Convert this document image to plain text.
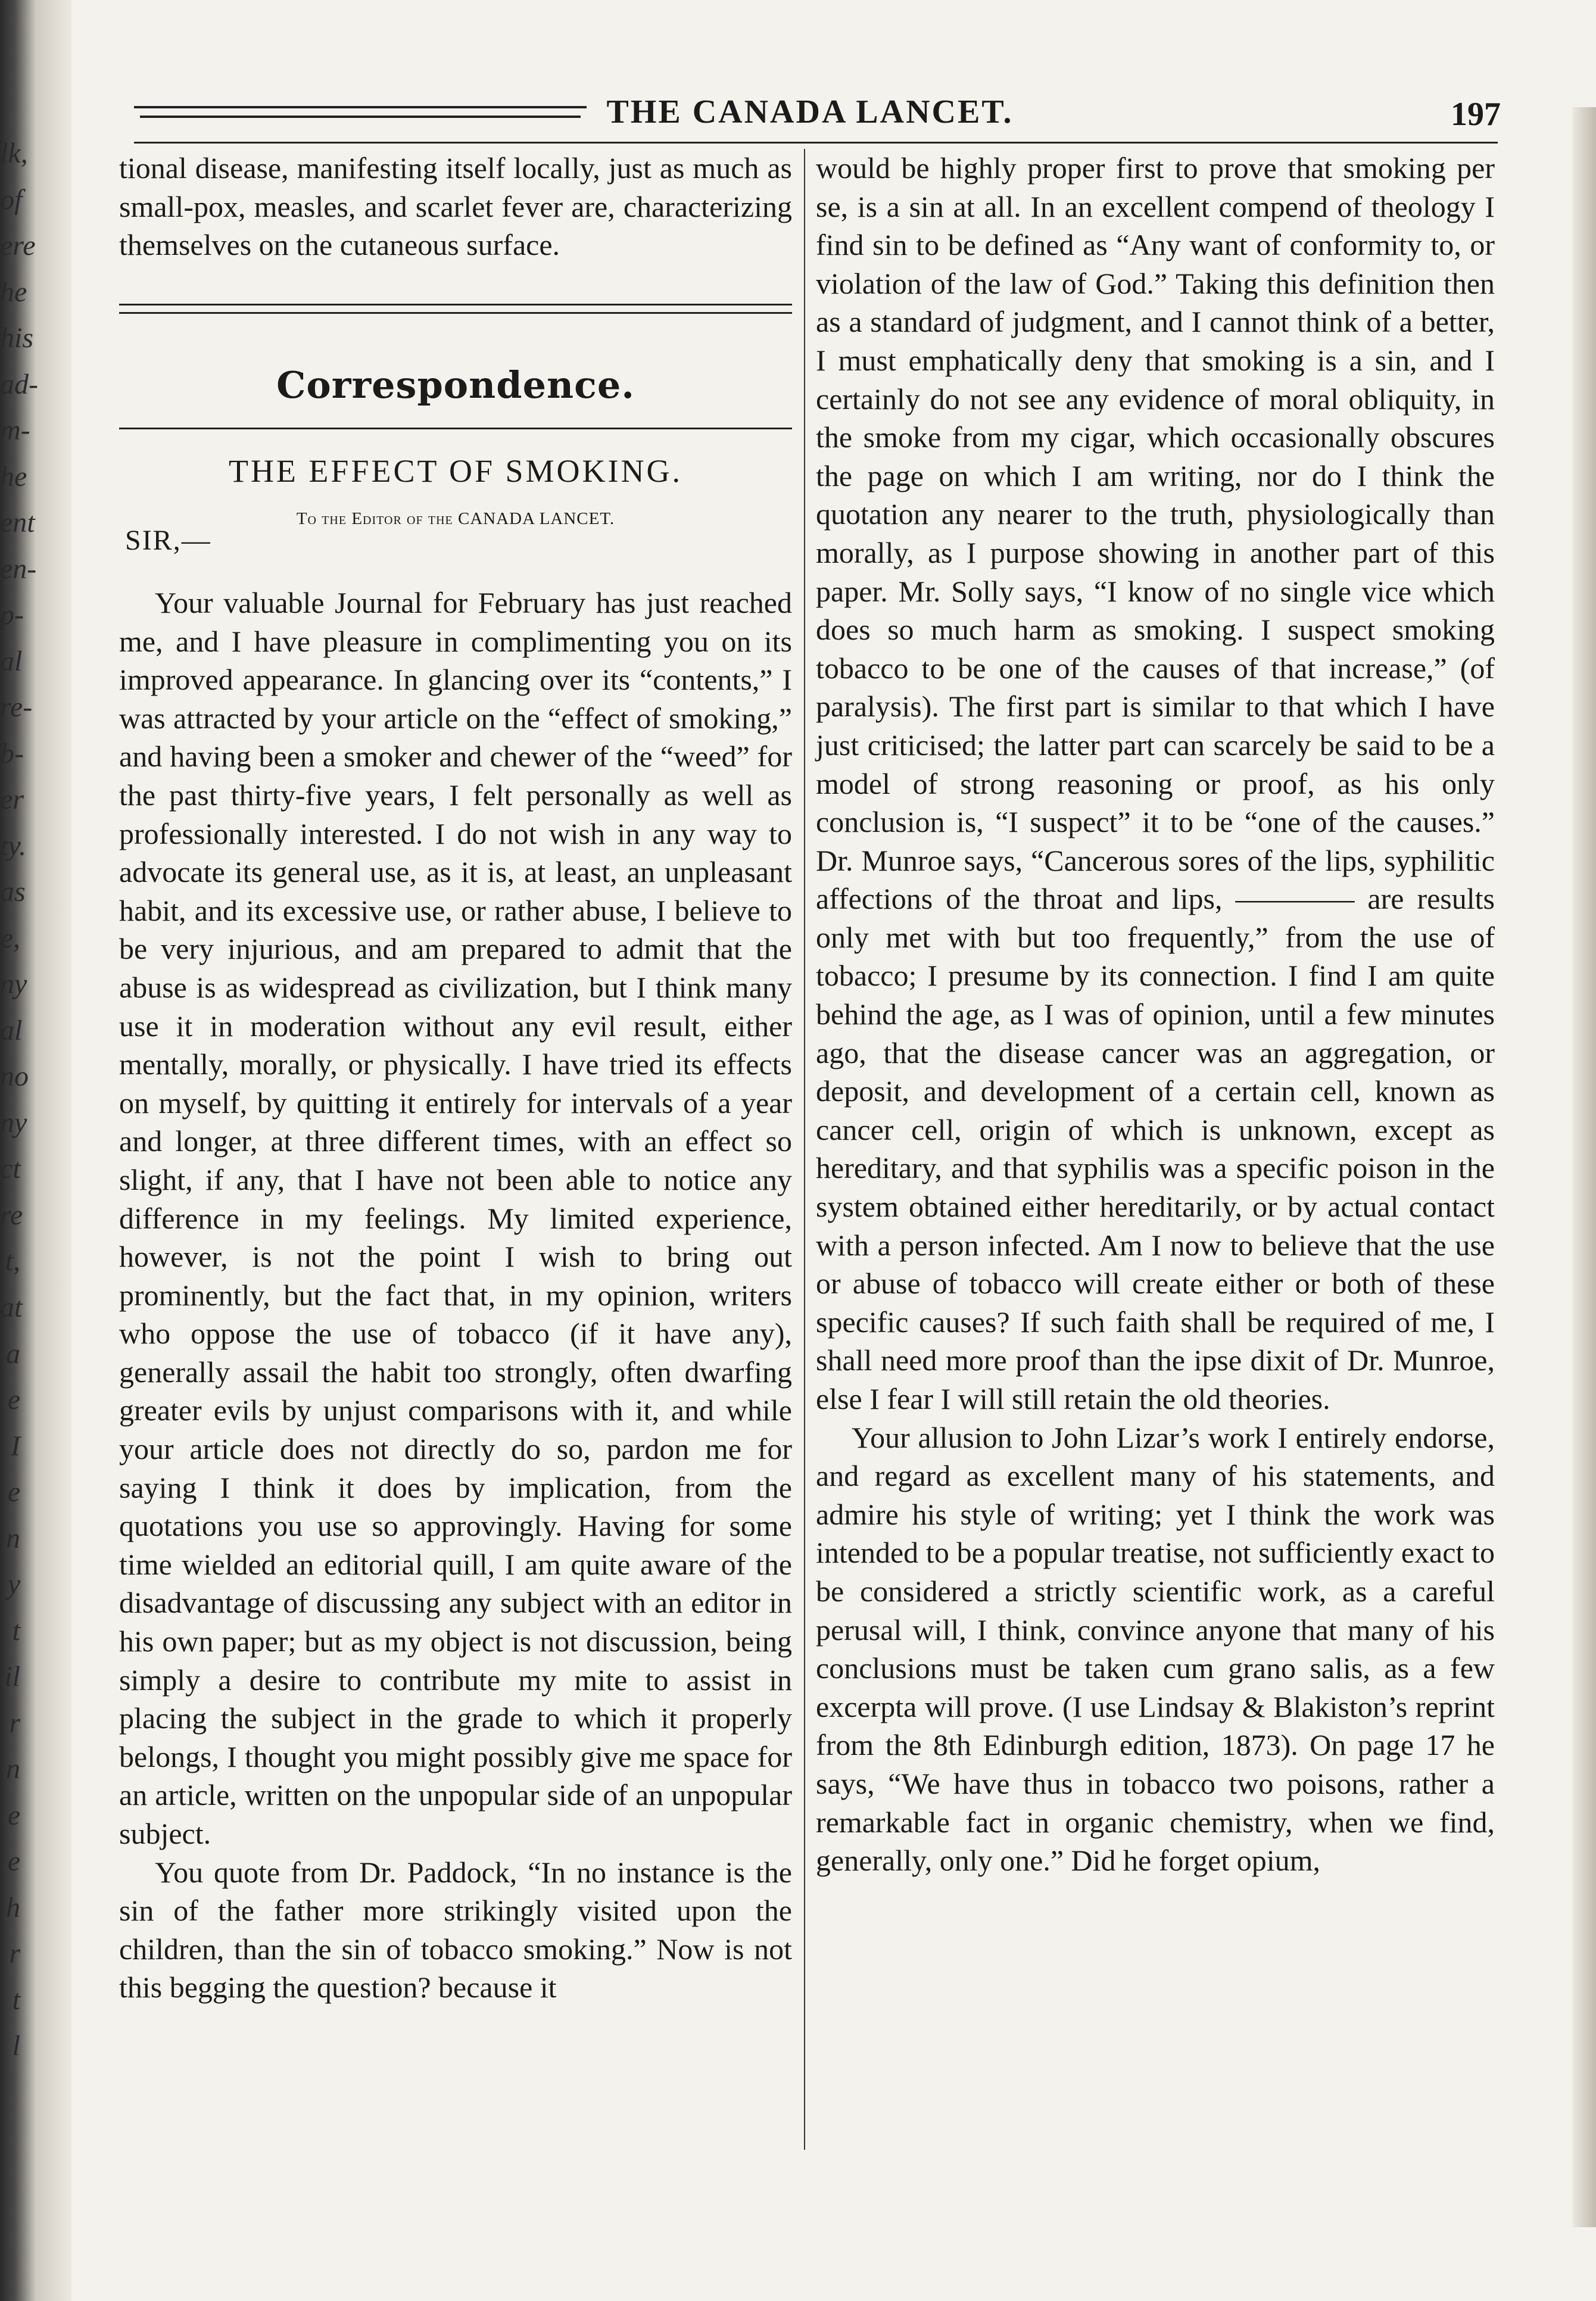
lk,
of
ere
he
his
ad-
m-
he
ent
en-
p-
al
re-
b-
er
ty.
as
e,
ny
al
no
ny
ct
re
t,
at
a
e
I
e
n
y
t
il
r
n
e
e
h
r
t
l
THE CANADA LANCET.	197

tional disease, manifesting itself locally, just as much as small-pox, measles, and scarlet fever are, characterizing themselves on the cutaneous surface.

Correspondence.
THE EFFECT OF SMOKING.
To the Editor of the CANADA LANCET.
SIR,—

Your valuable Journal for February has just reached me, and I have pleasure in complimenting you on its improved appearance. In glancing over its “contents,” I was attracted by your article on the “effect of smoking,” and having been a smoker and chewer of the “weed” for the past thirty-five years, I felt personally as well as professionally interested. I do not wish in any way to advocate its general use, as it is, at least, an unpleasant habit, and its excessive use, or rather abuse, I believe to be very injurious, and am prepared to admit that the abuse is as widespread as civilization, but I think many use it in moderation without any evil result, either mentally, morally, or physically. I have tried its effects on myself, by quitting it entirely for intervals of a year and longer, at three different times, with an effect so slight, if any, that I have not been able to notice any difference in my feelings. My limited experience, however, is not the point I wish to bring out prominently, but the fact that, in my opinion, writers who oppose the use of tobacco (if it have any), generally assail the habit too strongly, often dwarfing greater evils by unjust comparisons with it, and while your article does not directly do so, pardon me for saying I think it does by implication, from the quotations you use so approvingly. Having for some time wielded an editorial quill, I am quite aware of the disadvantage of discussing any subject with an editor in his own paper; but as my object is not discussion, being simply a desire to contribute my mite to assist in placing the subject in the grade to which it properly belongs, I thought you might possibly give me space for an article, written on the unpopular side of an unpopular subject.

You quote from Dr. Paddock, “In no instance is the sin of the father more strikingly visited upon the children, than the sin of tobacco smoking.” Now is not this begging the question? because it

would be highly proper first to prove that smoking per se, is a sin at all. In an excellent compend of theology I find sin to be defined as “Any want of conformity to, or violation of the law of God.” Taking this definition then as a standard of judgment, and I cannot think of a better, I must emphatically deny that smoking is a sin, and I certainly do not see any evidence of moral obliquity, in the smoke from my cigar, which occasionally obscures the page on which I am writing, nor do I think the quotation any nearer to the truth, physiologically than morally, as I purpose showing in another part of this paper. Mr. Solly says, “I know of no single vice which does so much harm as smoking. I suspect smoking tobacco to be one of the causes of that increase,” (of paralysis). The first part is similar to that which I have just criticised; the latter part can scarcely be said to be a model of strong reasoning or proof, as his only conclusion is, “I suspect” it to be “one of the causes.” Dr. Munroe says, “Cancerous sores of the lips, syphilitic affections of the throat and lips, ———— are results only met with but too frequently,” from the use of tobacco; I presume by its connection. I find I am quite behind the age, as I was of opinion, until a few minutes ago, that the disease cancer was an aggregation, or deposit, and development of a certain cell, known as cancer cell, origin of which is unknown, except as hereditary, and that syphilis was a specific poison in the system obtained either hereditarily, or by actual contact with a person infected. Am I now to believe that the use or abuse of tobacco will create either or both of these specific causes? If such faith shall be required of me, I shall need more proof than the ipse dixit of Dr. Munroe, else I fear I will still retain the old theories.

Your allusion to John Lizar’s work I entirely endorse, and regard as excellent many of his statements, and admire his style of writing; yet I think the work was intended to be a popular treatise, not sufficiently exact to be considered a strictly scientific work, as a careful perusal will, I think, convince anyone that many of his conclusions must be taken cum grano salis, as a few excerpta will prove. (I use Lindsay & Blakiston’s reprint from the 8th Edinburgh edition, 1873). On page 17 he says, “We have thus in tobacco two poisons, rather a remarkable fact in organic chemistry, when we find, generally, only one.” Did he forget opium,
